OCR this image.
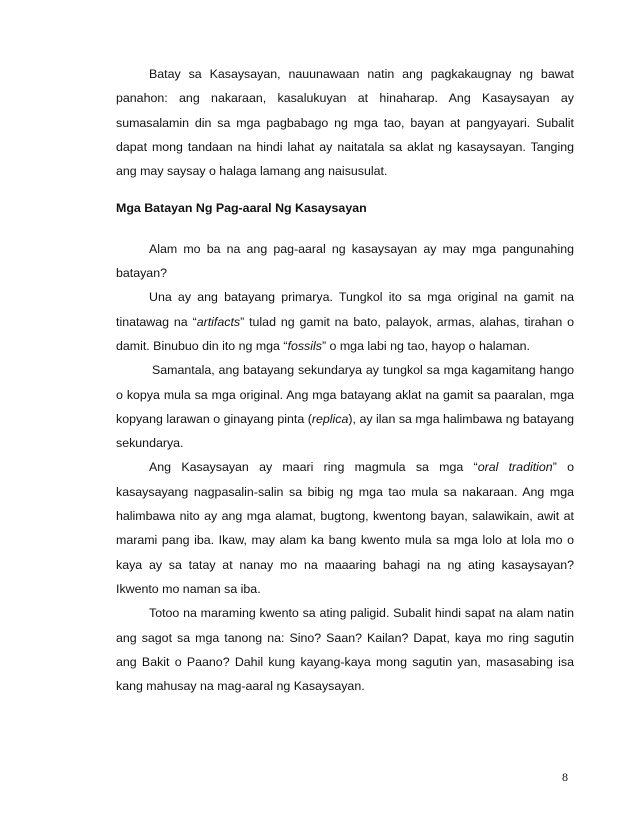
Batay sa Kasaysayan, nauunawaan natin ang pagkakaugnay ng bawat panahon: ang nakaraan, kasalukuyan at hinaharap. Ang Kasaysayan ay sumasalamin din sa mga pagbabago ng mga tao, bayan at pangyayari. Subalit dapat mong tandaan na hindi lahat ay naitatala sa aklat ng kasaysayan. Tanging ang may saysay o halaga lamang ang naisusulat.

Mga Batayan Ng Pag-aaral Ng Kasaysayan

Alam mo ba na ang pag-aaral ng kasaysayan ay may mga pangunahing batayan?

Una ay ang batayang primarya. Tungkol ito sa mga original na gamit na tinatawag na “artifacts” tulad ng gamit na bato, palayok, armas, alahas, tirahan o damit. Binubuo din ito ng mga “fossils” o mga labi ng tao, hayop o halaman.

Samantala, ang batayang sekundarya ay tungkol sa mga kagamitang hango o kopya mula sa mga original. Ang mga batayang aklat na gamit sa paaralan, mga kopyang larawan o ginayang pinta (replica), ay ilan sa mga halimbawa ng batayang sekundarya.

Ang Kasaysayan ay maari ring magmula sa mga “oral tradition” o kasaysayang nagpasalin-salin sa bibig ng mga tao mula sa nakaraan. Ang mga halimbawa nito ay ang mga alamat, bugtong, kwentong bayan, salawikain, awit at marami pang iba. Ikaw, may alam ka bang kwento mula sa mga lolo at lola mo o kaya ay sa tatay at nanay mo na maaaring bahagi na ng ating kasaysayan? Ikwento mo naman sa iba.

Totoo na maraming kwento sa ating paligid. Subalit hindi sapat na alam natin ang sagot sa mga tanong na: Sino? Saan? Kailan? Dapat, kaya mo ring sagutin ang Bakit o Paano? Dahil kung kayang-kaya mong sagutin yan, masasabing isa kang mahusay na mag-aaral ng Kasaysayan.

8
